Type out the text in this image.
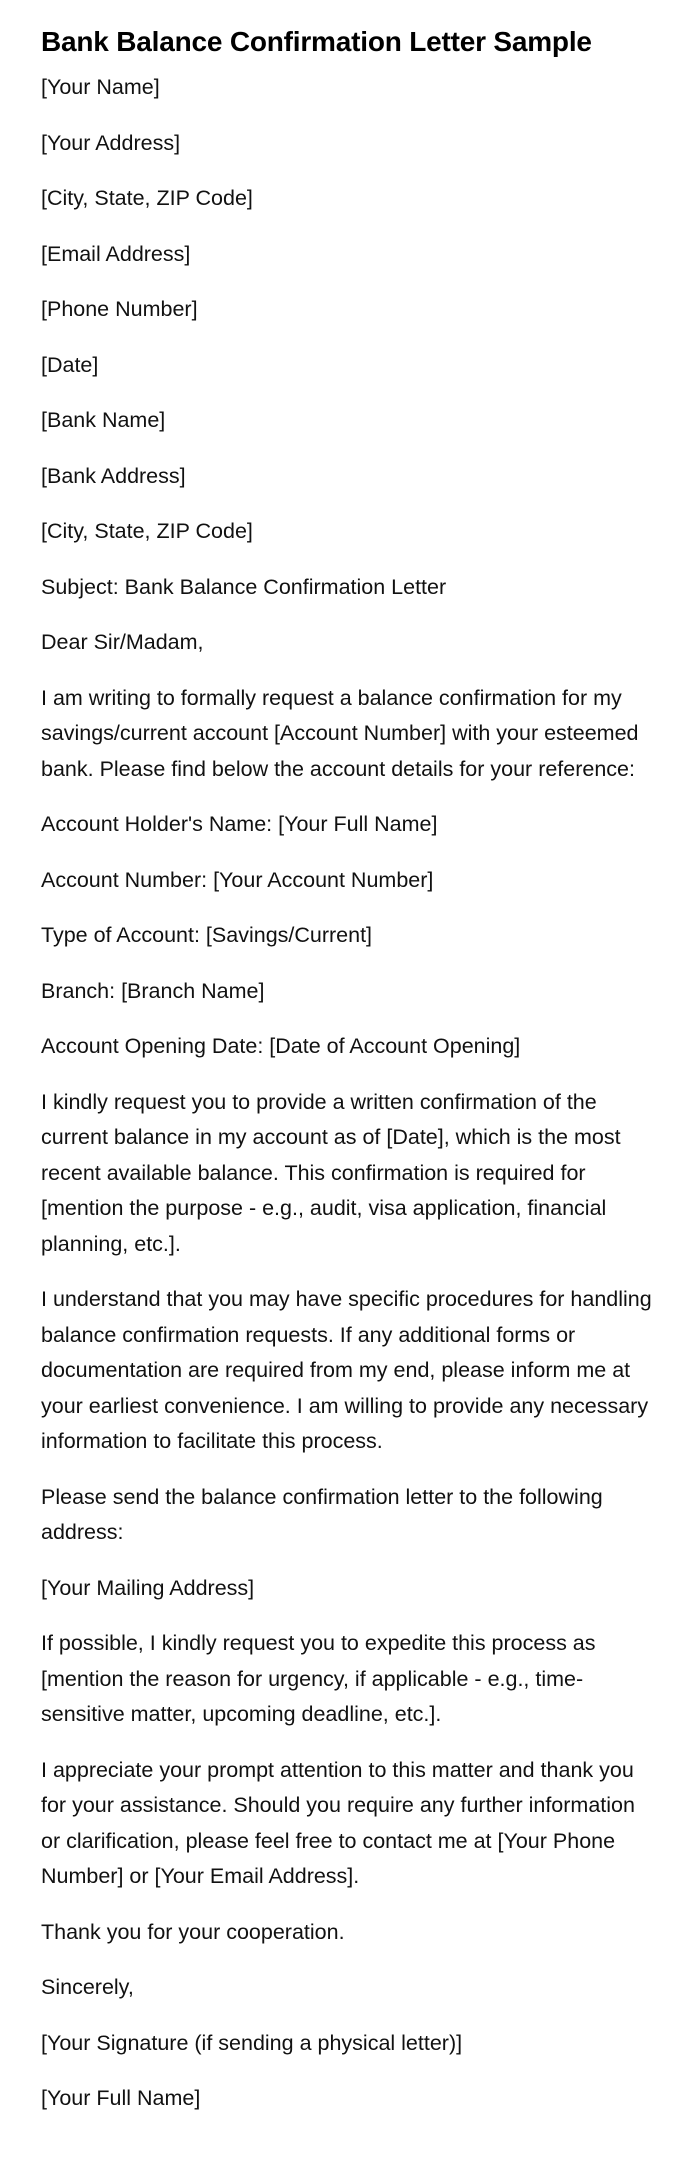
Bank Balance Confirmation Letter Sample

[Your Name]

[Your Address]

[City, State, ZIP Code]

[Email Address]

[Phone Number]

[Date]

[Bank Name]

[Bank Address]

[City, State, ZIP Code]

Subject: Bank Balance Confirmation Letter

Dear Sir/Madam,

I am writing to formally request a balance confirmation for my savings/current account [Account Number] with your esteemed bank. Please find below the account details for your reference:

Account Holder's Name: [Your Full Name]

Account Number: [Your Account Number]

Type of Account: [Savings/Current]

Branch: [Branch Name]

Account Opening Date: [Date of Account Opening]

I kindly request you to provide a written confirmation of the current balance in my account as of [Date], which is the most recent available balance. This confirmation is required for [mention the purpose - e.g., audit, visa application, financial planning, etc.].

I understand that you may have specific procedures for handling balance confirmation requests. If any additional forms or documentation are required from my end, please inform me at your earliest convenience. I am willing to provide any necessary information to facilitate this process.

Please send the balance confirmation letter to the following address:

[Your Mailing Address]

If possible, I kindly request you to expedite this process as [mention the reason for urgency, if applicable - e.g., time-sensitive matter, upcoming deadline, etc.].

I appreciate your prompt attention to this matter and thank you for your assistance. Should you require any further information or clarification, please feel free to contact me at [Your Phone Number] or [Your Email Address].

Thank you for your cooperation.

Sincerely,

[Your Signature (if sending a physical letter)]

[Your Full Name]
